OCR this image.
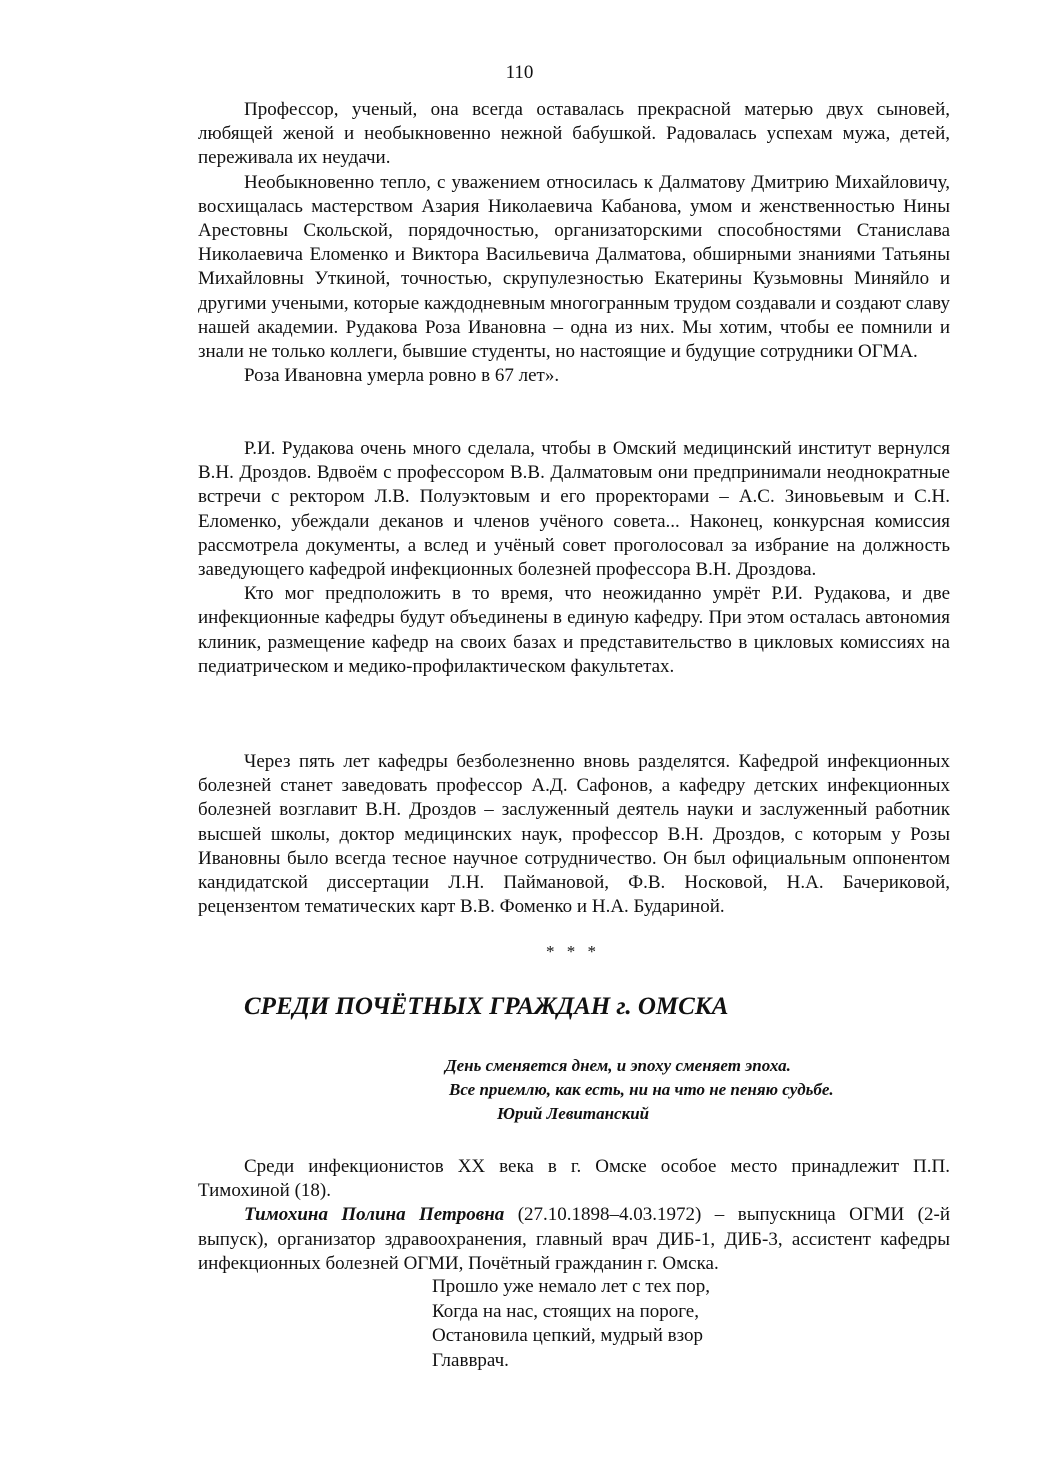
110

Профессор, ученый, она всегда оставалась прекрасной матерью двух сыновей, любящей женой и необыкновенно нежной бабушкой. Радовалась успехам мужа, детей, переживала их неудачи.

Необыкновенно тепло, с уважением относилась к Далматову Дмитрию Михайловичу, восхищалась мастерством Азария Николаевича Кабанова, умом и женственностью Нины Арестовны Скольской, порядочностью, организаторскими способностями Станислава Николаевича Еломенко и Виктора Васильевича Далматова, обширными знаниями Татьяны Михайловны Уткиной, точностью, скрупулезностью Екатерины Кузьмовны Миняйло и другими учеными, которые каждодневным многогранным трудом создавали и создают славу нашей академии. Рудакова Роза Ивановна – одна из них. Мы хотим, чтобы ее помнили и знали не только коллеги, бывшие студенты, но настоящие и будущие сотрудники ОГМА.

Роза Ивановна умерла ровно в 67 лет».

Р.И. Рудакова очень много сделала, чтобы в Омский медицинский институт вернулся В.Н. Дроздов. Вдвоём с профессором В.В. Далматовым они предпринимали неоднократные встречи с ректором Л.В. Полуэктовым и его проректорами – А.С. Зиновьевым и С.Н. Еломенко, убеждали деканов и членов учёного совета... Наконец, конкурсная комиссия рассмотрела документы, а вслед и учёный совет проголосовал за избрание на должность заведующего кафедрой инфекционных болезней профессора В.Н. Дроздова.

Кто мог предположить в то время, что неожиданно умрёт Р.И. Рудакова, и две инфекционные кафедры будут объединены в единую кафедру. При этом осталась автономия клиник, размещение кафедр на своих базах и представительство в цикловых комиссиях на педиатрическом и медико-профилактическом факультетах.

Через пять лет кафедры безболезненно вновь разделятся. Кафедрой инфекционных болезней станет заведовать профессор А.Д. Сафонов, а кафедру детских инфекционных болезней возглавит В.Н. Дроздов – заслуженный деятель науки и заслуженный работник высшей школы, доктор медицинских наук, профессор В.Н. Дроздов, с которым у Розы Ивановны было всегда тесное научное сотрудничество. Он был официальным оппонентом кандидатской диссертации Л.Н. Паймановой, Ф.В. Носковой, Н.А. Бачериковой, рецензентом тематических карт В.В. Фоменко и Н.А. Бударинoй.

* * *
СРЕДИ ПОЧЁТНЫХ ГРАЖДАН г. ОМСКА
День сменяется днем, и эпоху сменяет эпоха.
Все приемлю, как есть, ни на что не пеняю судьбе.
Юрий Левитанский

Среди инфекционистов XX века в г. Омске особое место принадлежит П.П. Тимохиной (18).

Тимохина Полина Петровна (27.10.1898–4.03.1972) – выпускница ОГМИ (2-й выпуск), организатор здравоохранения, главный врач ДИБ-1, ДИБ-3, ассистент кафедры инфекционных болезней ОГМИ, Почётный гражданин г. Омска.

Прошло уже немало лет с тех пор,
Когда на нас, стоящих на пороге,
Остановила цепкий, мудрый взор
Главврач.
